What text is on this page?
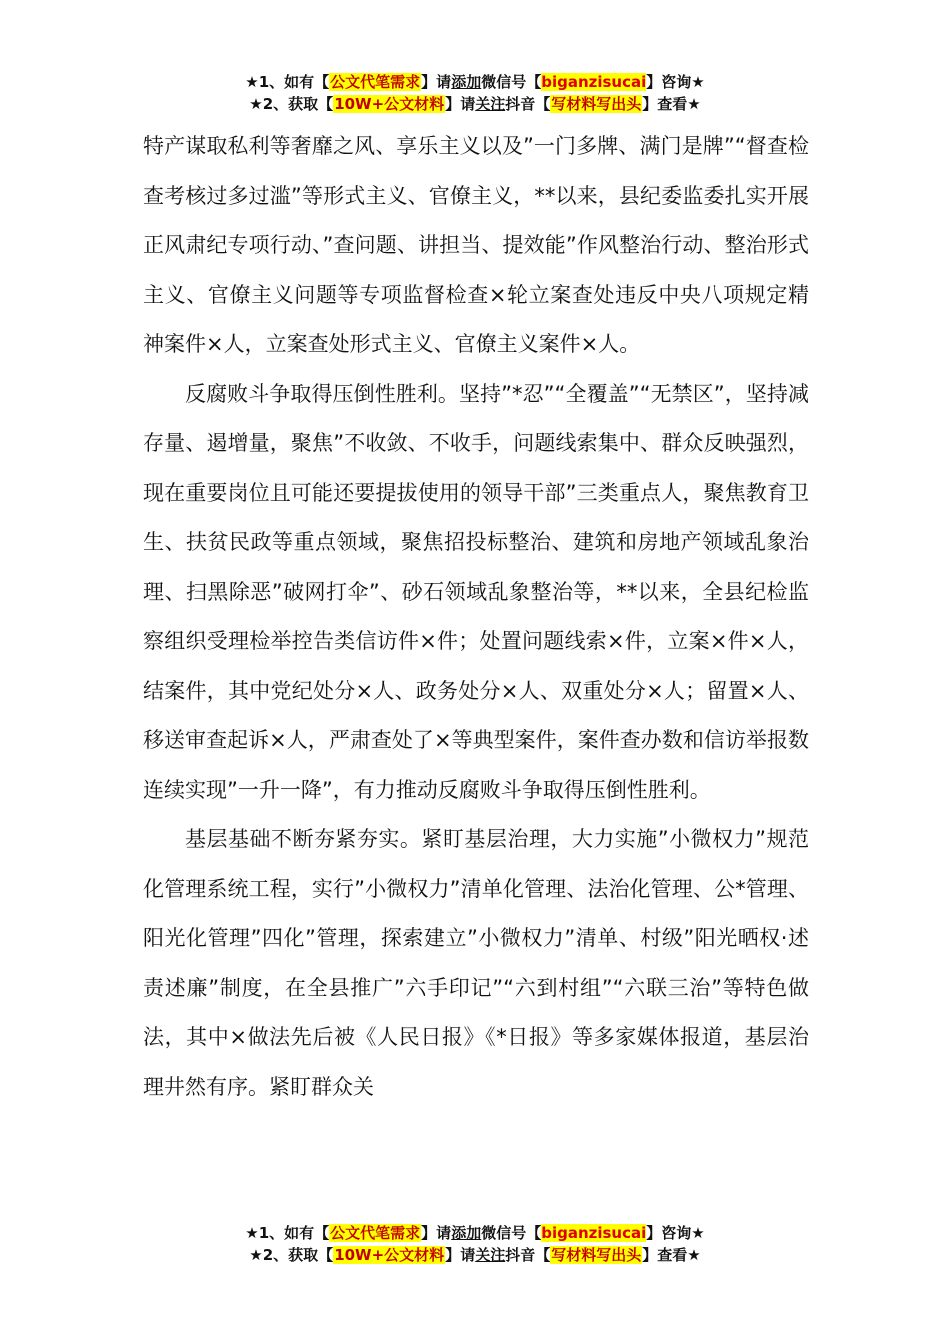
★1、如有【公文代笔需求】请添加微信号【biganzisucai】咨询★
★2、获取【10W+公文材料】请关注抖音【写材料写出头】查看★

特产谋取私利等奢靡之风、享乐主义以及”一门多牌、满门是牌”“督查检查考核过多过滥”等形式主义、官僚主义，**以来，县纪委监委扎实开展正风肃纪专项行动、”查问题、讲担当、提效能”作风整治行动、整治形式主义、官僚主义问题等专项监督检查×轮立案查处违反中央八项规定精神案件×人，立案查处形式主义、官僚主义案件×人。

反腐败斗争取得压倒性胜利。坚持”*忍”“全覆盖”“无禁区”，坚持减存量、遏增量，聚焦”不收敛、不收手，问题线索集中、群众反映强烈，现在重要岗位且可能还要提拔使用的领导干部”三类重点人，聚焦教育卫生、扶贫民政等重点领域，聚焦招投标整治、建筑和房地产领域乱象治理、扫黑除恶”破网打伞”、砂石领域乱象整治等，**以来，全县纪检监察组织受理检举控告类信访件×件；处置问题线索×件，立案×件×人，结案件，其中党纪处分×人、政务处分×人、双重处分×人；留置×人、移送审查起诉×人，严肃查处了×等典型案件，案件查办数和信访举报数连续实现”一升一降”，有力推动反腐败斗争取得压倒性胜利。

基层基础不断夯紧夯实。紧盯基层治理，大力实施”小微权力”规范化管理系统工程，实行”小微权力”清单化管理、法治化管理、公*管理、阳光化管理”四化”管理，探索建立”小微权力”清单、村级”阳光晒权·述责述廉”制度，在全县推广”六手印记”“六到村组”“六联三治”等特色做法，其中×做法先后被《人民日报》《*日报》等多家媒体报道，基层治理井然有序。紧盯群众关

★1、如有【公文代笔需求】请添加微信号【biganzisucai】咨询★
★2、获取【10W+公文材料】请关注抖音【写材料写出头】查看★
